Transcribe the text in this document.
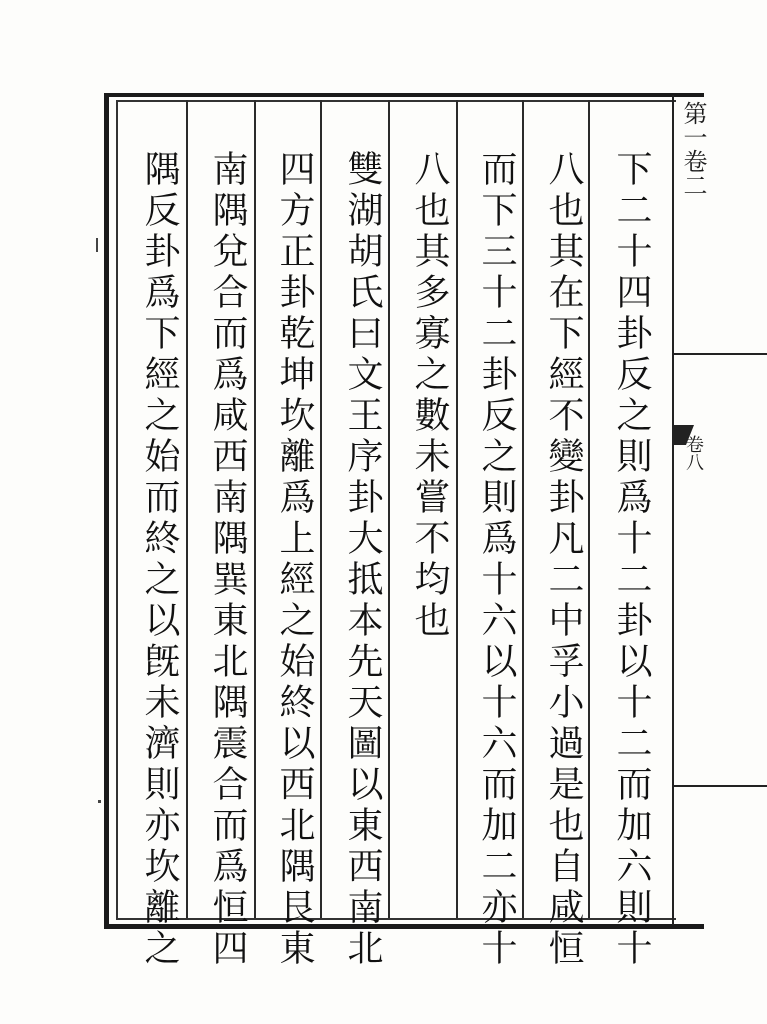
第一卷二
卷八
下二十四卦反之則爲十二卦以十二而加六則十
八也其在下經不變卦凡二中孚小過是也自咸恒
而下三十二卦反之則爲十六以十六而加二亦十
八也其多寡之數未嘗不均也
雙湖胡氏曰文王序卦大抵本先天圖以東西南北
四方正卦乾坤坎離爲上經之始終以西北隅艮東
南隅兌合而爲咸西南隅巽東北隅震合而爲恒四
隅反卦爲下經之始而終之以旣未濟則亦坎離之
